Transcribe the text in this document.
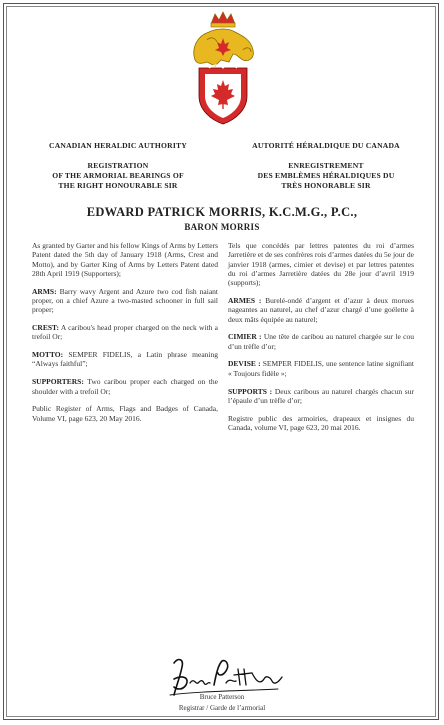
CANADIAN HERALDIC AUTHORITY
REGISTRATION
OF THE ARMORIAL BEARINGS OF
THE RIGHT HONOURABLE SIR
AUTORITÉ HÉRALDIQUE DU CANADA
ENREGISTREMENT
DES EMBLÈMES HÉRALDIQUES DU
TRÈS HONORABLE SIR
EDWARD PATRICK MORRIS, K.C.M.G., P.C.,
BARON MORRIS

As granted by Garter and his fellow Kings of Arms by Letters Patent dated the 5th day of January 1918 (Arms, Crest and Motto), and by Garter King of Arms by Letters Patent dated 28th April 1919 (Supporters);

ARMS: Barry wavy Argent and Azure two cod fish naiant proper, on a chief Azure a two-masted schooner in full sail proper;

CREST: A caribou's head proper charged on the neck with a trefoil Or;

MOTTO: SEMPER FIDELIS, a Latin phrase meaning “Always faithful”;

SUPPORTERS: Two caribou proper each charged on the shoulder with a trefoil Or;

Public Register of Arms, Flags and Badges of Canada, Volume VI, page 623, 20 May 2016.

Tels que concédés par lettres patentes du roi d’armes Jarretière et de ses confrères rois d’armes datées du 5e jour de janvier 1918 (armes, cimier et devise) et par lettres patentes du roi d’armes Jarretière datées du 28e jour d’avril 1919 (supports);

ARMES : Burelé-ondé d’argent et d’azur à deux morues nageantes au naturel, au chef d’azur chargé d’une goélette à deux mâts équipée au naturel;

CIMIER : Une tête de caribou au naturel chargée sur le cou d’un trèfle d’or;

DEVISE : SEMPER FIDELIS, une sentence latine signifiant « Toujours fidèle »;

SUPPORTS : Deux caribous au naturel chargés chacun sur l’épaule d’un trèfle d’or;

Registre public des armoiries, drapeaux et insignes du Canada, volume VI, page 623, 20 mai 2016.

Bruce Patterson
Registrar / Garde de l’armorial
